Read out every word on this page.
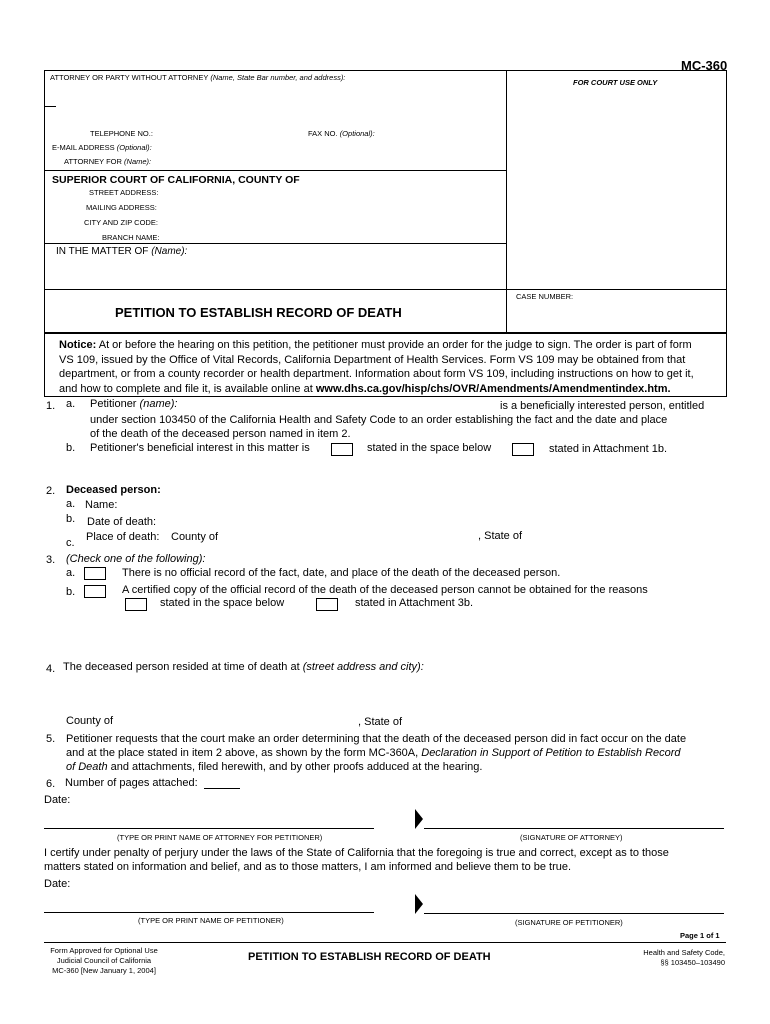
MC-360
ATTORNEY OR PARTY WITHOUT ATTORNEY (Name, State Bar number, and address):
FOR COURT USE ONLY
TELEPHONE NO.:	FAX NO. (Optional):
E-MAIL ADDRESS (Optional):
ATTORNEY FOR (Name):
SUPERIOR COURT OF CALIFORNIA, COUNTY OF
STREET ADDRESS:
MAILING ADDRESS:
CITY AND ZIP CODE:
BRANCH NAME:
IN THE MATTER OF (Name):
PETITION TO ESTABLISH RECORD OF DEATH
CASE NUMBER:
Notice: At or before the hearing on this petition, the petitioner must provide an order for the judge to sign. The order is part of form
VS 109, issued by the Office of Vital Records, California Department of Health Services. Form VS 109 may be obtained from that
department, or from a county recorder or health department. Information about form VS 109, including instructions on how to get it,
and how to complete and file it, is available online at www.dhs.ca.gov/hisp/chs/OVR/Amendments/Amendmentindex.htm.
1. a. Petitioner (name):	is a beneficially interested person, entitled
under section 103450 of the California Health and Safety Code to an order establishing the fact and the date and place
of the death of the deceased person named in item 2.
b. Petitioner's beneficial interest in this matter is	stated in the space below	stated in Attachment 1b.
2. Deceased person:
a. Name:
b. Date of death:
c. Place of death: County of	, State of
3. (Check one of the following):
a.	There is no official record of the fact, date, and place of the death of the deceased person.
b.	A certified copy of the official record of the death of the deceased person cannot be obtained for the reasons
stated in the space below	stated in Attachment 3b.
4. The deceased person resided at time of death at (street address and city):
County of	, State of
5. Petitioner requests that the court make an order determining that the death of the deceased person did in fact occur on the date
and at the place stated in item 2 above, as shown by the form MC-360A, Declaration in Support of Petition to Establish Record
of Death and attachments, filed herewith, and by other proofs adduced at the hearing.
6. Number of pages attached:
Date:
(TYPE OR PRINT NAME OF ATTORNEY FOR PETITIONER)	(SIGNATURE OF ATTORNEY)
I certify under penalty of perjury under the laws of the State of California that the foregoing is true and correct, except as to those
matters stated on information and belief, and as to those matters, I am informed and believe them to be true.
Date:
(TYPE OR PRINT NAME OF PETITIONER)	(SIGNATURE OF PETITIONER)
Page 1 of 1
Form Approved for Optional Use
Judicial Council of California
MC-360 [New January 1, 2004]
PETITION TO ESTABLISH RECORD OF DEATH	Health and Safety Code,
§§ 103450–103490
